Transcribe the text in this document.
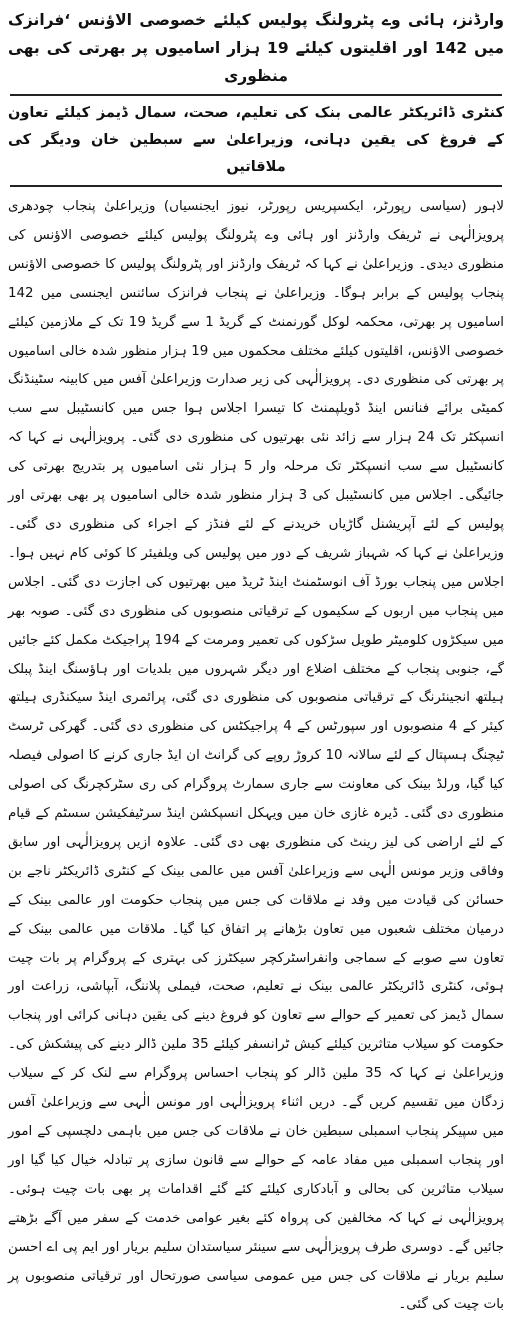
وارڈنز، ہائی وے پٹرولنگ پولیس کیلئے خصوصی الاؤنس ‘فرانزک میں 142 اور اقلیتوں کیلئے 19 ہزار اسامیوں پر بھرتی کی بھی منظوری
کنٹری ڈائریکٹر عالمی بنک کی تعلیم، صحت، سمال ڈیمز کیلئے تعاون کے فروغ کی یقین دہانی، وزیراعلیٰ سے سبطین خان ودیگر کی ملاقاتیں

لاہور (سیاسی رپورٹر، ایکسپریس رپورٹر، نیوز ایجنسیاں) وزیراعلیٰ پنجاب چودھری پرویزالٰہی نے ٹریفک وارڈنز اور ہائی وے پٹرولنگ پولیس کیلئے خصوصی الاؤنس کی منظوری دیدی۔ وزیراعلیٰ نے کہا کہ ٹریفک وارڈنز اور پٹرولنگ پولیس کا خصوصی الاؤنس پنجاب پولیس کے برابر ہوگا۔ وزیراعلیٰ نے پنجاب فرانزک سائنس ایجنسی میں 142 اسامیوں پر بھرتی، محکمہ لوکل گورنمنٹ کے گریڈ 1 سے گریڈ 19 تک کے ملازمین کیلئے خصوصی الاؤنس، اقلیتوں کیلئے مختلف محکموں میں 19 ہزار منظور شدہ خالی اسامیوں پر بھرتی کی منظوری دی۔ پرویزالٰہی کی زیر صدارت وزیراعلیٰ آفس میں کابینہ سٹینڈنگ کمیٹی برائے فنانس اینڈ ڈویلپمنٹ کا تیسرا اجلاس ہوا جس میں کانسٹیبل سے سب انسپکٹر تک 24 ہزار سے زائد نئی بھرتیوں کی منظوری دی گئی۔ پرویزالٰہی نے کہا کہ کانسٹیبل سے سب انسپکٹر تک مرحلہ وار 5 ہزار نئی اسامیوں پر بتدریج بھرتی کی جائیگی۔ اجلاس میں کانسٹیبل کی 3 ہزار منظور شدہ خالی اسامیوں پر بھی بھرتی اور پولیس کے لئے آپریشنل گاڑیاں خریدنے کے لئے فنڈز کے اجراء کی منظوری دی گئی۔ وزیراعلیٰ نے کہا کہ شہباز شریف کے دور میں پولیس کی ویلفیئر کا کوئی کام نہیں ہوا۔ اجلاس میں پنجاب بورڈ آف انوسٹمنٹ اینڈ ٹریڈ میں بھرتیوں کی اجازت دی گئی۔ اجلاس میں پنجاب میں اربوں کے سکیموں کے ترقیاتی منصوبوں کی منظوری دی گئی۔ صوبہ بھر میں سیکڑوں کلومیٹر طویل سڑکوں کی تعمیر ومرمت کے 194 پراجیکٹ مکمل کئے جائیں گے، جنوبی پنجاب کے مختلف اضلاع اور دیگر شہروں میں بلدیات اور ہاؤسنگ اینڈ پبلک ہیلتھ انجینئرنگ کے ترقیاتی منصوبوں کی منظوری دی گئی، پرائمری اینڈ سیکنڈری ہیلتھ کیئر کے 4 منصوبوں اور سپورٹس کے 4 پراجیکٹس کی منظوری دی گئی۔ گھرکی ٹرسٹ ٹیچنگ ہسپتال کے لئے سالانہ 10 کروڑ روپے کی گرانٹ ان ایڈ جاری کرنے کا اصولی فیصلہ کیا گیا، ورلڈ بینک کی معاونت سے جاری سمارٹ پروگرام کی ری سٹرکچرنگ کی اصولی منظوری دی گئی۔ ڈیرہ غازی خان میں ویہکل انسپکشن اینڈ سرٹیفکیشن سسٹم کے قیام کے لئے اراضی کی لیز رینٹ کی منظوری بھی دی گئی۔ علاوہ ازیں پرویزالٰہی اور سابق وفاقی وزیر مونس الٰہی سے وزیراعلیٰ آفس میں عالمی بینک کے کنٹری ڈائریکٹر ناجے بن حسائن کی قیادت میں وفد نے ملاقات کی جس میں پنجاب حکومت اور عالمی بینک کے درمیان مختلف شعبوں میں تعاون بڑھانے پر اتفاق کیا گیا۔ ملاقات میں عالمی بینک کے تعاون سے صوبے کے سماجی وانفراسٹرکچر سیکٹرز کی بہتری کے پروگرام پر بات چیت ہوئی، کنٹری ڈائریکٹر عالمی بینک نے تعلیم، صحت، فیملی پلاننگ، آبپاشی، زراعت اور سمال ڈیمز کی تعمیر کے حوالے سے تعاون کو فروغ دینے کی یقین دہانی کرائی اور پنجاب حکومت کو سیلاب متاثرین کیلئے کیش ٹرانسفر کیلئے 35 ملین ڈالر دینے کی پیشکش کی۔ وزیراعلیٰ نے کہا کہ 35 ملین ڈالر کو پنجاب احساس پروگرام سے لنک کر کے سیلاب زدگان میں تقسیم کریں گے۔ دریں اثناء پرویزالٰہی اور مونس الٰہی سے وزیراعلیٰ آفس میں سپیکر پنجاب اسمبلی سبطین خان نے ملاقات کی جس میں باہمی دلچسپی کے امور اور پنجاب اسمبلی میں مفاد عامہ کے حوالے سے قانون سازی پر تبادلہ خیال کیا گیا اور سیلاب متاثرین کی بحالی و آبادکاری کیلئے کئے گئے اقدامات پر بھی بات چیت ہوئی۔ پرویزالٰہی نے کہا کہ مخالفین کی پرواہ کئے بغیر عوامی خدمت کے سفر میں آگے بڑھتے جائیں گے۔ دوسری طرف پرویزالٰہی سے سینئر سیاستدان سلیم بریار اور ایم پی اے احسن سلیم بریار نے ملاقات کی جس میں عمومی سیاسی صورتحال اور ترقیاتی منصوبوں پر بات چیت کی گئی۔
